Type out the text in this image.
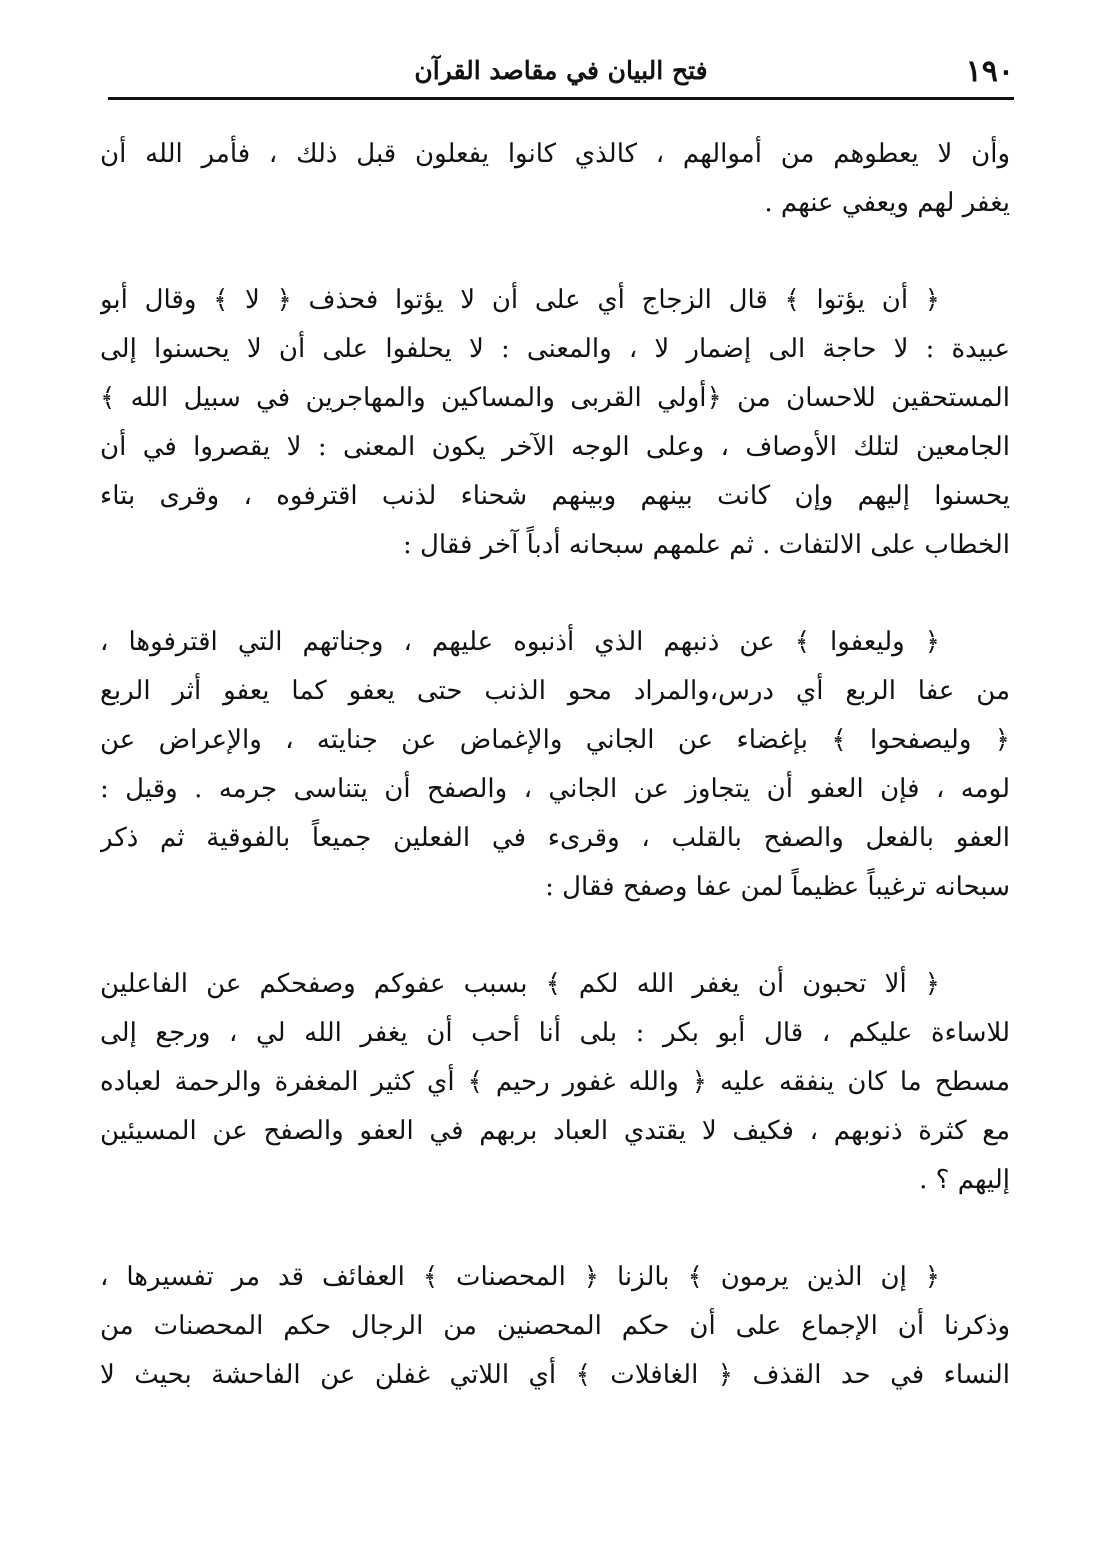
١٩٠
فتح البيان في مقاصد القرآن

وأن لا يعطوهم من أموالهم ، كالذي كانوا يفعلون قبل ذلك ، فأمر الله أن
يغفر لهم ويعفي عنهم .

﴿ أن يؤتوا ﴾ قال الزجاج أي على أن لا يؤتوا فحذف ﴿ لا ﴾ وقال أبو
عبيدة : لا حاجة الى إضمار لا ، والمعنى : لا يحلفوا على أن لا يحسنوا إلى
المستحقين للاحسان من ﴿أولي القربى والمساكين والمهاجرين في سبيل الله ﴾
الجامعين لتلك الأوصاف ، وعلى الوجه الآخر يكون المعنى : لا يقصروا في أن
يحسنوا إليهم وإن كانت بينهم وبينهم شحناء لذنب اقترفوه ، وقرى بتاء
الخطاب على الالتفات . ثم علمهم سبحانه أدباً آخر فقال :

﴿ وليعفوا ﴾ عن ذنبهم الذي أذنبوه عليهم ، وجناتهم التي اقترفوها ،
من عفا الربع أي درس،والمراد محو الذنب حتى يعفو كما يعفو أثر الربع
﴿ وليصفحوا ﴾ بإغضاء عن الجاني والإغماض عن جنايته ، والإعراض عن
لومه ، فإن العفو أن يتجاوز عن الجاني ، والصفح أن يتناسى جرمه . وقيل :
العفو بالفعل والصفح بالقلب ، وقرىء في الفعلين جميعاً بالفوقية ثم ذكر
سبحانه ترغيباً عظيماً لمن عفا وصفح فقال :

﴿ ألا تحبون أن يغفر الله لكم ﴾ بسبب عفوكم وصفحكم عن الفاعلين
للاساءة عليكم ، قال أبو بكر : بلى أنا أحب أن يغفر الله لي ، ورجع إلى
مسطح ما كان ينفقه عليه ﴿ والله غفور رحيم ﴾ أي كثير المغفرة والرحمة لعباده
مع كثرة ذنوبهم ، فكيف لا يقتدي العباد بربهم في العفو والصفح عن المسيئين
إليهم ؟ .

﴿ إن الذين يرمون ﴾ بالزنا ﴿ المحصنات ﴾ العفائف قد مر تفسيرها ،
وذكرنا أن الإجماع على أن حكم المحصنين من الرجال حكم المحصنات من
النساء في حد القذف ﴿ الغافلات ﴾ أي اللاتي غفلن عن الفاحشة بحيث لا
